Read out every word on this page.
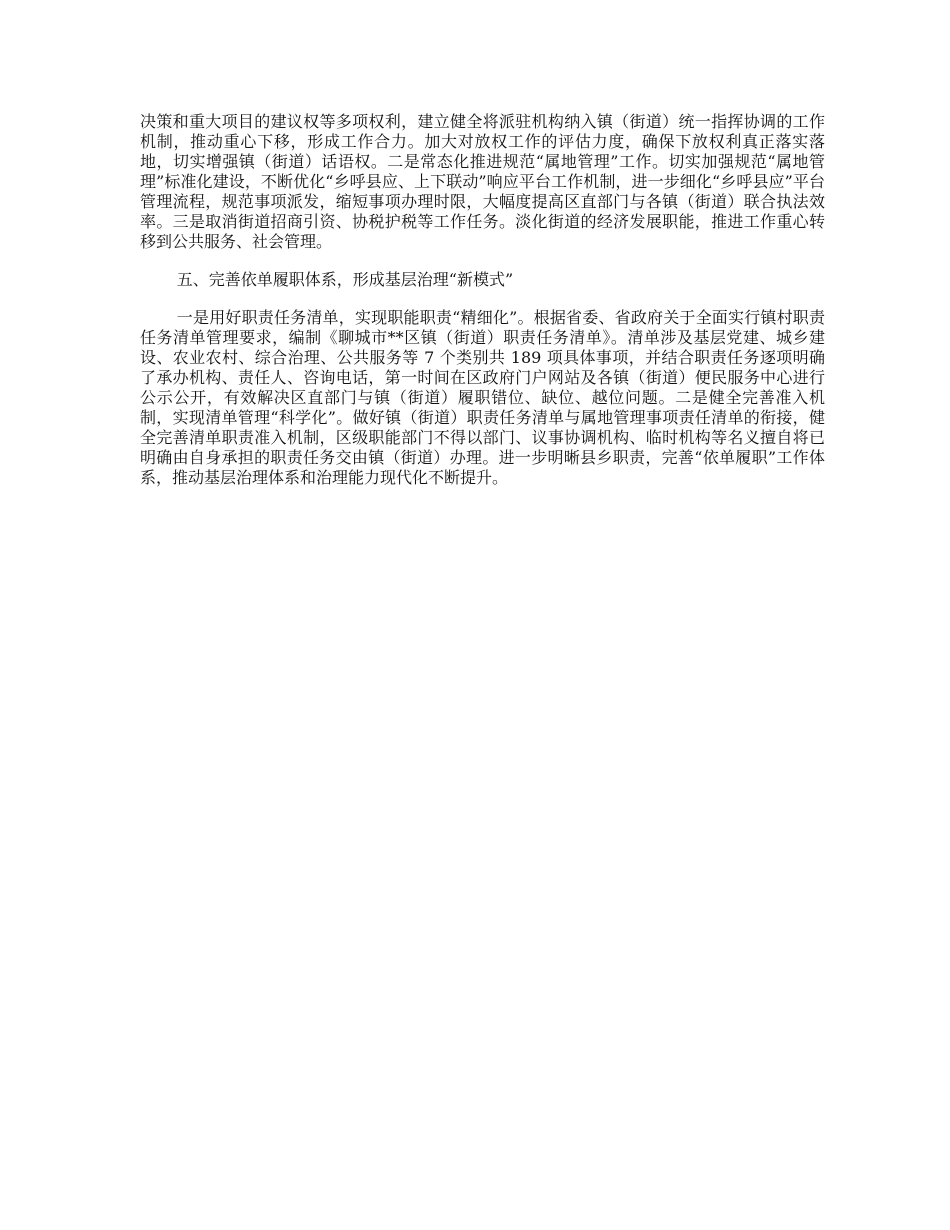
决策和重大项目的建议权等多项权利，建立健全将派驻机构纳入镇（街道）统一指挥协调的工作机制，推动重心下移，形成工作合力。加大对放权工作的评估力度，确保下放权利真正落实落地，切实增强镇（街道）话语权。二是常态化推进规范“属地管理”工作。切实加强规范“属地管理”标准化建设，不断优化“乡呼县应、上下联动”响应平台工作机制，进一步细化“乡呼县应”平台管理流程，规范事项派发，缩短事项办理时限，大幅度提高区直部门与各镇（街道）联合执法效率。三是取消街道招商引资、协税护税等工作任务。淡化街道的经济发展职能，推进工作重心转移到公共服务、社会管理。

五、完善依单履职体系，形成基层治理“新模式”

一是用好职责任务清单，实现职能职责“精细化”。根据省委、省政府关于全面实行镇村职责任务清单管理要求，编制《聊城市**区镇（街道）职责任务清单》。清单涉及基层党建、城乡建设、农业农村、综合治理、公共服务等 7 个类别共 189 项具体事项，并结合职责任务逐项明确了承办机构、责任人、咨询电话，第一时间在区政府门户网站及各镇（街道）便民服务中心进行公示公开，有效解决区直部门与镇（街道）履职错位、缺位、越位问题。二是健全完善准入机制，实现清单管理“科学化”。做好镇（街道）职责任务清单与属地管理事项责任清单的衔接，健全完善清单职责准入机制，区级职能部门不得以部门、议事协调机构、临时机构等名义擅自将已明确由自身承担的职责任务交由镇（街道）办理。进一步明晰县乡职责，完善“依单履职”工作体系，推动基层治理体系和治理能力现代化不断提升。
